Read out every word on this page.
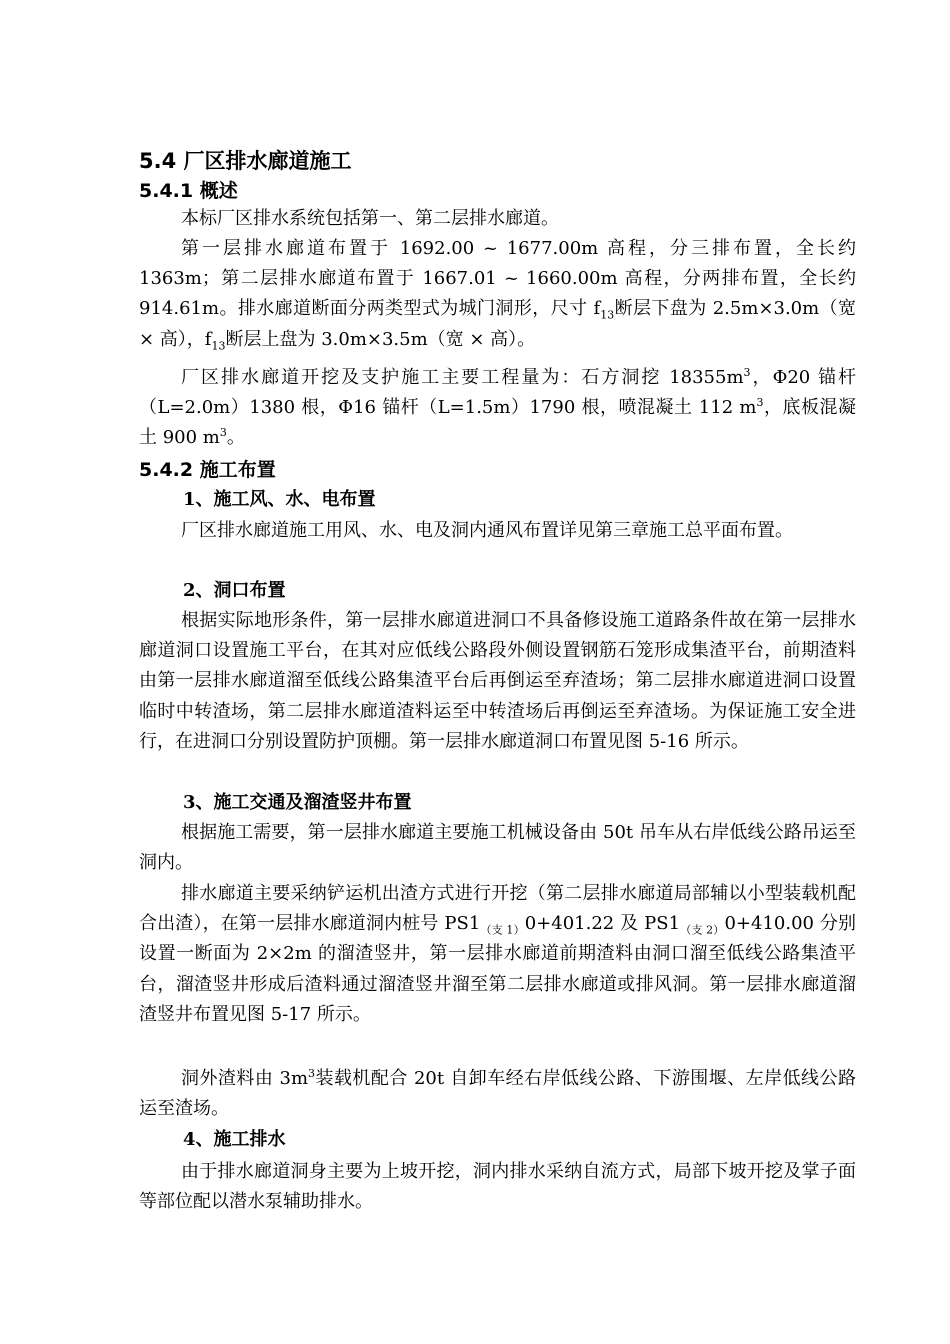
5.4 厂区排水廊道施工
5.4.1 概述

本标厂区排水系统包括第一、第二层排水廊道。

第一层排水廊道布置于 1692.00 ~ 1677.00m 高程，分三排布置，全长约 1363m；第二层排水廊道布置于 1667.01 ~ 1660.00m 高程，分两排布置，全长约 914.61m。排水廊道断面分两类型式为城门洞形，尺寸 $f_{13}$断层下盘为 2.5m×3.0m（宽 × 高），$f_{13}$断层上盘为 3.0m×3.5m（宽 × 高）。

厂区排水廊道开挖及支护施工主要工程量为：石方洞挖 $18355m^3$，Φ20 锚杆（L=2.0m）1380 根，Φ16 锚杆（L=1.5m）1790 根，喷混凝土 112 $m^3$，底板混凝土 900 $m^3$。

5.4.2 施工布置
1、施工风、水、电布置

厂区排水廊道施工用风、水、电及洞内通风布置详见第三章施工总平面布置。

2、洞口布置

根据实际地形条件，第一层排水廊道进洞口不具备修设施工道路条件故在第一层排水廊道洞口设置施工平台，在其对应低线公路段外侧设置钢筋石笼形成集渣平台，前期渣料由第一层排水廊道溜至低线公路集渣平台后再倒运至弃渣场；第二层排水廊道进洞口设置临时中转渣场，第二层排水廊道渣料运至中转渣场后再倒运至弃渣场。为保证施工安全进行，在进洞口分别设置防护顶棚。第一层排水廊道洞口布置见图 5-16 所示。

3、施工交通及溜渣竖井布置

根据施工需要，第一层排水廊道主要施工机械设备由 50t 吊车从右岸低线公路吊运至洞内。

排水廊道主要采纳铲运机出渣方式进行开挖（第二层排水廊道局部辅以小型装载机配合出渣），在第一层排水廊道洞内桩号 $PS1_{(支 1)}0+401.22$ 及 $PS1_{(支 2)}0+410.00$ 分别设置一断面为 2×2m 的溜渣竖井，第一层排水廊道前期渣料由洞口溜至低线公路集渣平台，溜渣竖井形成后渣料通过溜渣竖井溜至第二层排水廊道或排风洞。第一层排水廊道溜渣竖井布置见图 5-17 所示。

洞外渣料由 $3m^3$装载机配合 20t 自卸车经右岸低线公路、下游围堰、左岸低线公路运至渣场。

4、施工排水

由于排水廊道洞身主要为上坡开挖，洞内排水采纳自流方式，局部下坡开挖及掌子面等部位配以潜水泵辅助排水。
